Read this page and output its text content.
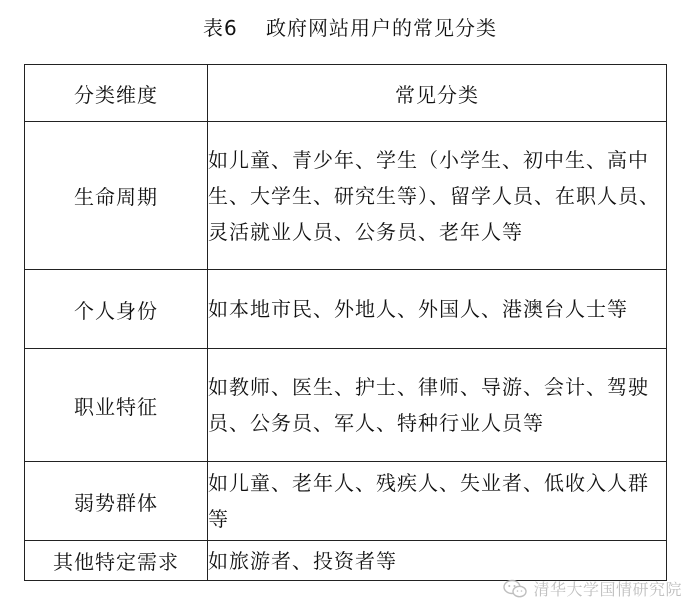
表6　 政府网站用户的常见分类
分类维度	常见分类
生命周期	如儿童、青少年、学生（小学生、初中生、高中生、大学生、研究生等）、留学人员、在职人员、灵活就业人员、公务员、老年人等
个人身份	如本地市民、外地人、外国人、港澳台人士等
职业特征	如教师、医生、护士、律师、导游、会计、驾驶员、公务员、军人、特种行业人员等
弱势群体	如儿童、老年人、残疾人、失业者、低收入人群等
其他特定需求	如旅游者、投资者等
清华大学国情研究院
